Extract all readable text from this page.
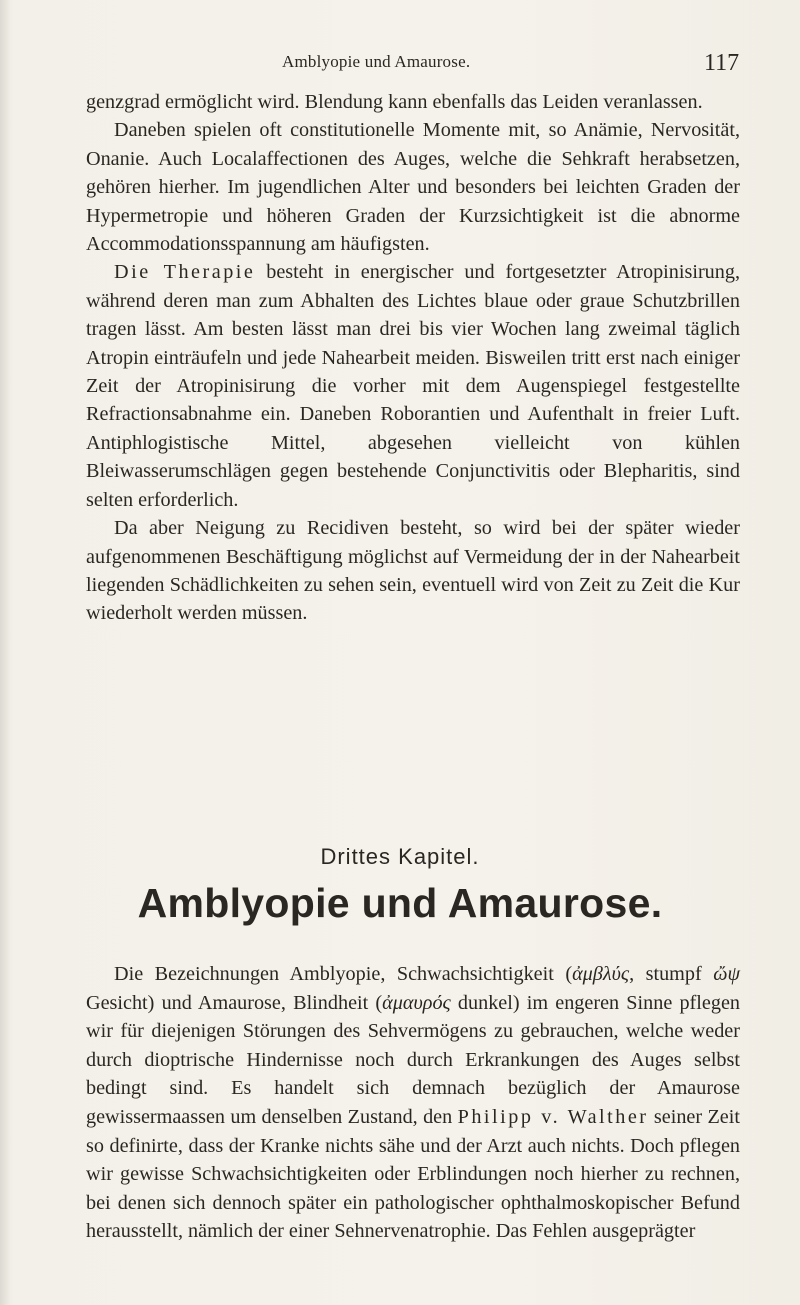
Amblyopie und Amaurose.	117

genzgrad ermöglicht wird. Blendung kann ebenfalls das Leiden veranlassen.

Daneben spielen oft constitutionelle Momente mit, so Anämie, Nervosität, Onanie. Auch Localaffectionen des Auges, welche die Sehkraft herabsetzen, gehören hierher. Im jugendlichen Alter und besonders bei leichten Graden der Hypermetropie und höheren Graden der Kurzsichtigkeit ist die abnorme Accommodationsspannung am häufigsten.

Die Therapie besteht in energischer und fortgesetzter Atropinisirung, während deren man zum Abhalten des Lichtes blaue oder graue Schutzbrillen tragen lässt. Am besten lässt man drei bis vier Wochen lang zweimal täglich Atropin einträufeln und jede Nahearbeit meiden. Bisweilen tritt erst nach einiger Zeit der Atropinisirung die vorher mit dem Augenspiegel festgestellte Refractionsabnahme ein. Daneben Roborantien und Aufenthalt in freier Luft. Antiphlogistische Mittel, abgesehen vielleicht von kühlen Bleiwasserumschlägen gegen bestehende Conjunctivitis oder Blepharitis, sind selten erforderlich.

Da aber Neigung zu Recidiven besteht, so wird bei der später wieder aufgenommenen Beschäftigung möglichst auf Vermeidung der in der Nahearbeit liegenden Schädlichkeiten zu sehen sein, eventuell wird von Zeit zu Zeit die Kur wiederholt werden müssen.

Drittes Kapitel.
Amblyopie und Amaurose.

Die Bezeichnungen Amblyopie, Schwachsichtigkeit (ἀμβλύς, stumpf ὤψ Gesicht) und Amaurose, Blindheit (ἀμαυρός dunkel) im engeren Sinne pflegen wir für diejenigen Störungen des Sehvermögens zu gebrauchen, welche weder durch dioptrische Hindernisse noch durch Erkrankungen des Auges selbst bedingt sind. Es handelt sich demnach bezüglich der Amaurose gewissermaassen um denselben Zustand, den Philipp v. Walther seiner Zeit so definirte, dass der Kranke nichts sähe und der Arzt auch nichts. Doch pflegen wir gewisse Schwachsichtigkeiten oder Erblindungen noch hierher zu rechnen, bei denen sich dennoch später ein pathologischer ophthalmoskopischer Befund herausstellt, nämlich der einer Sehnervenatrophie. Das Fehlen ausgeprägter
